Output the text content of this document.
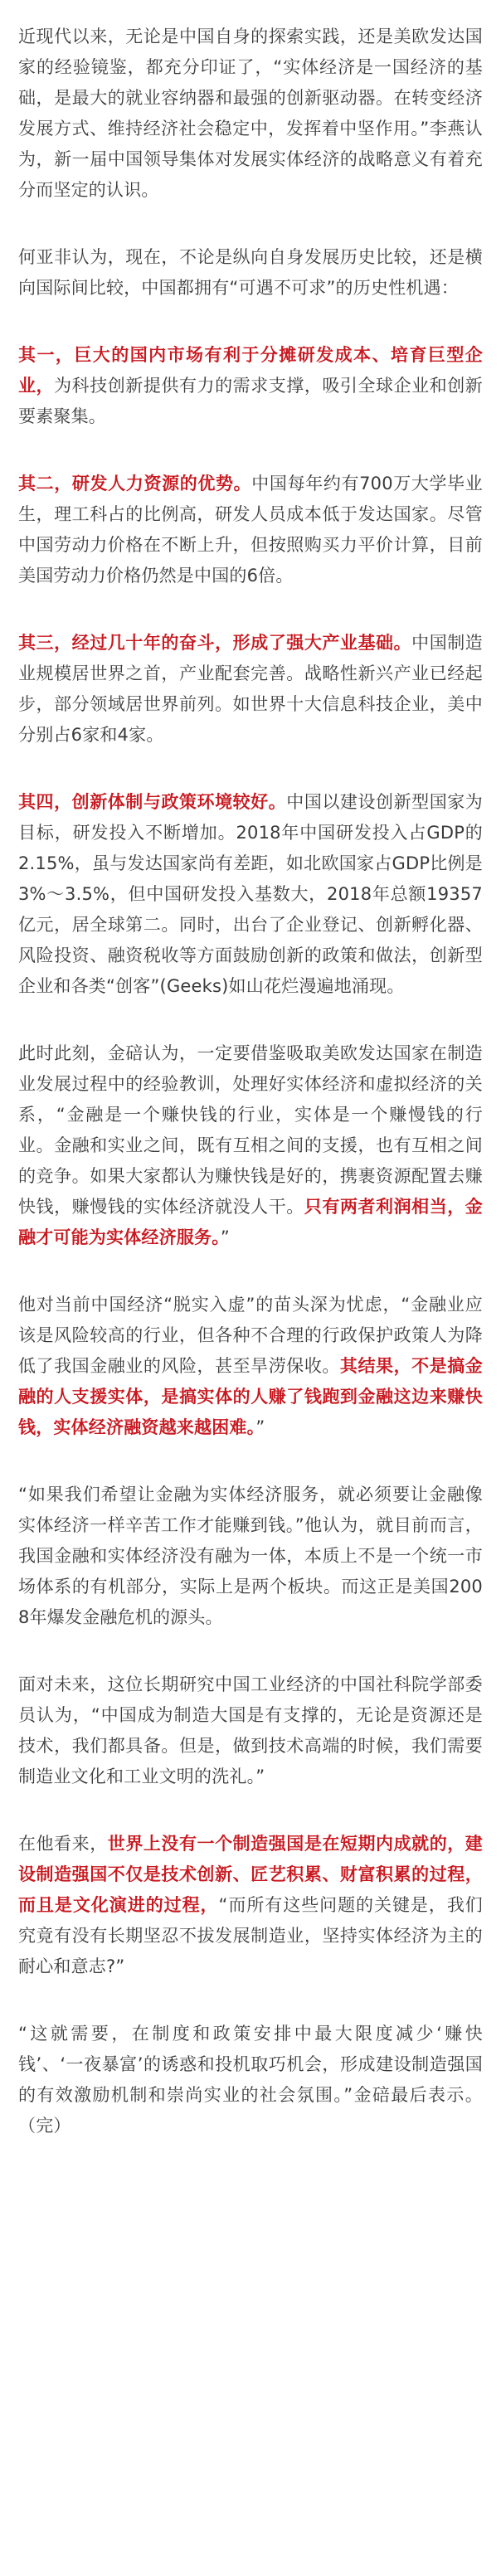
近现代以来，无论是中国自身的探索实践，还是美欧发达国家的经验镜鉴，都充分印证了，“实体经济是一国经济的基础，是最大的就业容纳器和最强的创新驱动器。在转变经济发展方式、维持经济社会稳定中，发挥着中坚作用。”李燕认为，新一届中国领导集体对发展实体经济的战略意义有着充分而坚定的认识。

何亚非认为，现在，不论是纵向自身发展历史比较，还是横向国际间比较，中国都拥有“可遇不可求”的历史性机遇：

其一，巨大的国内市场有利于分摊研发成本、培育巨型企业，为科技创新提供有力的需求支撑，吸引全球企业和创新要素聚集。

其二，研发人力资源的优势。中国每年约有700万大学毕业生，理工科占的比例高，研发人员成本低于发达国家。尽管中国劳动力价格在不断上升，但按照购买力平价计算，目前美国劳动力价格仍然是中国的6倍。

其三，经过几十年的奋斗，形成了强大产业基础。中国制造业规模居世界之首，产业配套完善。战略性新兴产业已经起步，部分领域居世界前列。如世界十大信息科技企业，美中分别占6家和4家。

其四，创新体制与政策环境较好。中国以建设创新型国家为目标，研发投入不断增加。2018年中国研发投入占GDP的2.15%，虽与发达国家尚有差距，如北欧国家占GDP比例是3%～3.5%，但中国研发投入基数大，2018年总额19357亿元，居全球第二。同时，出台了企业登记、创新孵化器、风险投资、融资税收等方面鼓励创新的政策和做法，创新型企业和各类“创客”(Geeks)如山花烂漫遍地涌现。

此时此刻，金碚认为，一定要借鉴吸取美欧发达国家在制造业发展过程中的经验教训，处理好实体经济和虚拟经济的关系，“金融是一个赚快钱的行业，实体是一个赚慢钱的行业。金融和实业之间，既有互相之间的支援，也有互相之间的竞争。如果大家都认为赚快钱是好的，携裹资源配置去赚快钱，赚慢钱的实体经济就没人干。只有两者利润相当，金融才可能为实体经济服务。”

他对当前中国经济“脱实入虚”的苗头深为忧虑，“金融业应该是风险较高的行业，但各种不合理的行政保护政策人为降低了我国金融业的风险，甚至旱涝保收。其结果，不是搞金融的人支援实体，是搞实体的人赚了钱跑到金融这边来赚快钱，实体经济融资越来越困难。”

“如果我们希望让金融为实体经济服务，就必须要让金融像实体经济一样辛苦工作才能赚到钱。”他认为，就目前而言，我国金融和实体经济没有融为一体，本质上不是一个统一市场体系的有机部分，实际上是两个板块。而这正是美国2008年爆发金融危机的源头。

面对未来，这位长期研究中国工业经济的中国社科院学部委员认为，“中国成为制造大国是有支撑的，无论是资源还是技术，我们都具备。但是，做到技术高端的时候，我们需要制造业文化和工业文明的洗礼。”

在他看来，世界上没有一个制造强国是在短期内成就的，建设制造强国不仅是技术创新、匠艺积累、财富积累的过程，而且是文化演进的过程，“而所有这些问题的关键是，我们究竟有没有长期坚忍不拔发展制造业，坚持实体经济为主的耐心和意志?”

“这就需要，在制度和政策安排中最大限度减少‘赚快钱’、‘一夜暴富’的诱惑和投机取巧机会，形成建设制造强国的有效激励机制和崇尚实业的社会氛围。”金碚最后表示。（完）
